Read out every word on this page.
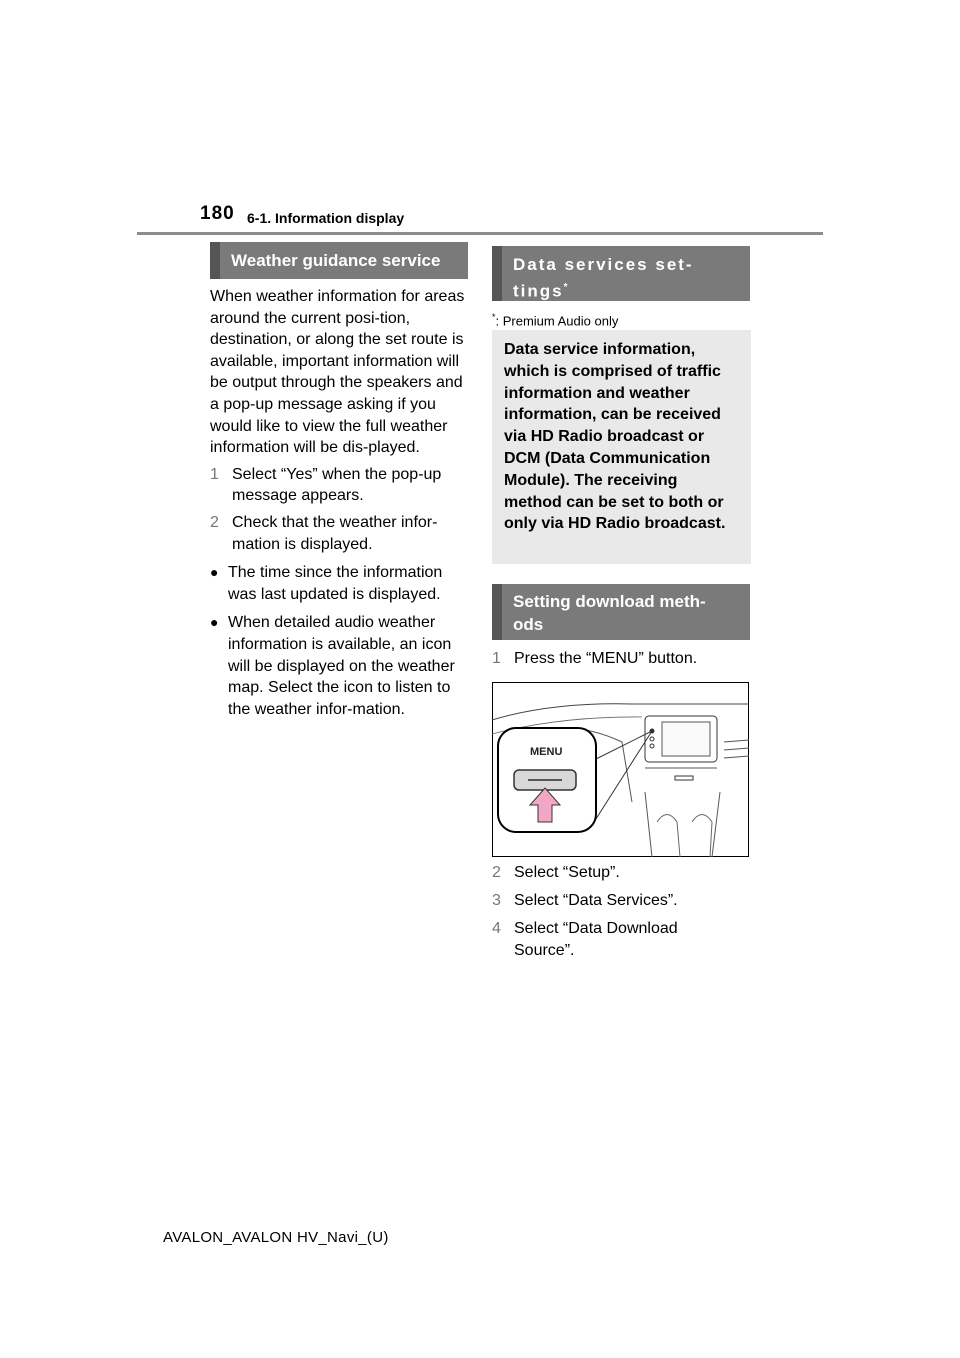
180 6-1. Information display
Weather guidance service

When weather information for areas around the current posi-tion, destination, or along the set route is available, important information will be output through the speakers and a pop-up message asking if you would like to view the full weather information will be dis-played.

1 Select “Yes” when the pop-up message appears.
2 Check that the weather infor-mation is displayed.
● The time since the information was last updated is displayed.
● When detailed audio weather information is available, an icon will be displayed on the weather map. Select the icon to listen to the weather infor-mation.
Data services set-
tings*
*: Premium Audio only
Data service information, which is comprised of traffic information and weather information, can be received via HD Radio broadcast or DCM (Data Communication Module). The receiving method can be set to both or only via HD Radio broadcast.
Setting download meth-
ods
1 Press the “MENU” button.
MENU
2 Select “Setup”.
3 Select “Data Services”.
4 Select “Data Download Source”.
AVALON_AVALON HV_Navi_(U)
